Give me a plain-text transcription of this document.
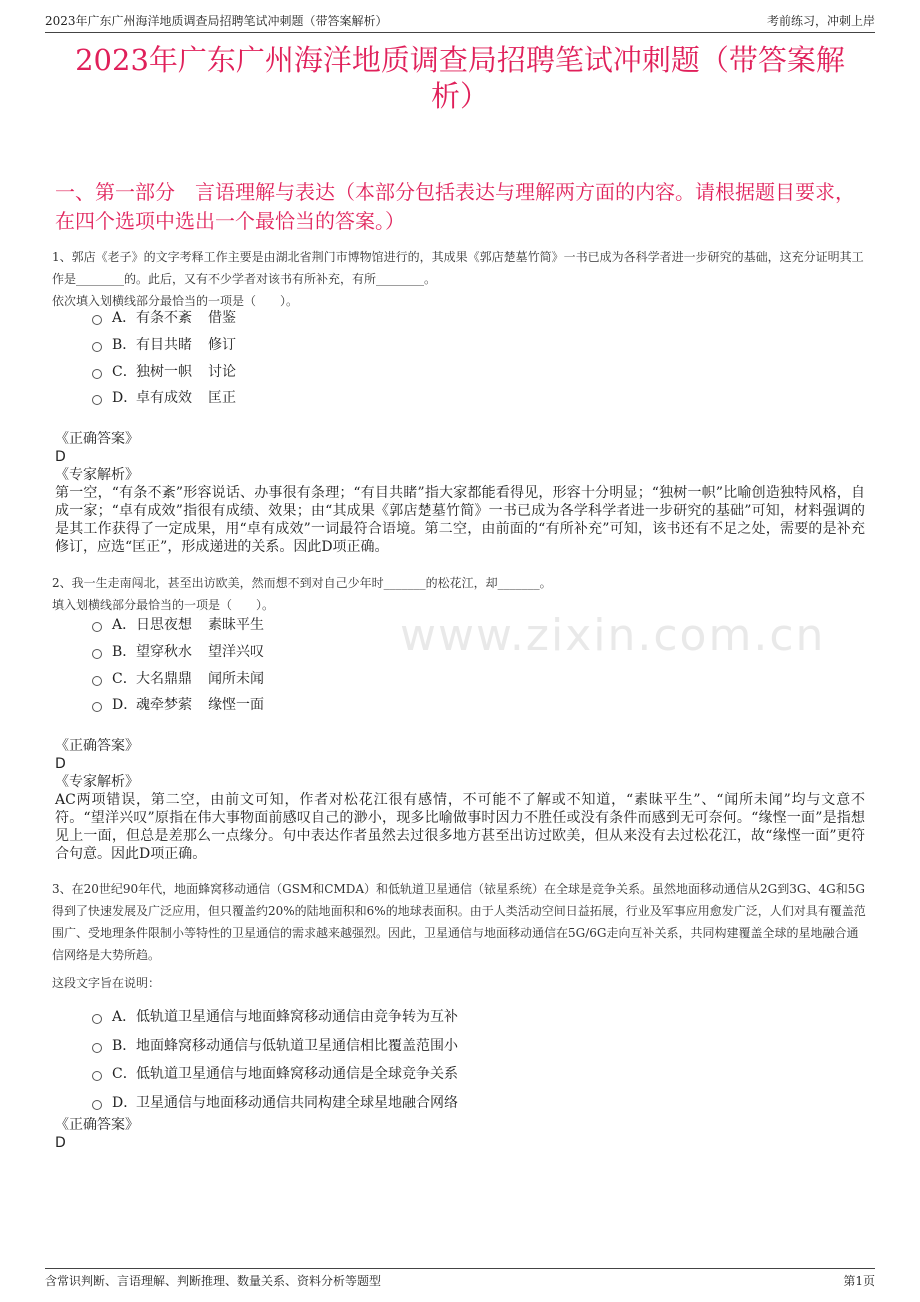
2023年广东广州海洋地质调查局招聘笔试冲刺题（带答案解析）	考前练习，冲刺上岸
www.zixin.com.cn
2023年广东广州海洋地质调查局招聘笔试冲刺题（带答案解析）
一、第一部分　言语理解与表达（本部分包括表达与理解两方面的内容。请根据题目要求，在四个选项中选出一个最恰当的答案。）
1、郭店《老子》的文字考释工作主要是由湖北省荆门市博物馆进行的，其成果《郭店楚墓竹简》一书已成为各科学者进一步研究的基础，这充分证明其工作是________的。此后，又有不少学者对该书有所补充，有所________。
依次填入划横线部分最恰当的一项是（　　）。
A． 有条不紊 借鉴
B． 有目共睹 修订
C． 独树一帜 讨论
D．
卓有成效 匡正
《正确答案》
D
《专家解析》
第一空，“有条不紊”形容说话、办事很有条理；“有目共睹”指大家都能看得见，形容十分明显；“独树一帜”比喻创造独特风格，自成一家；“卓有成效”指很有成绩、效果；由“其成果《郭店楚墓竹简》一书已成为各学科学者进一步研究的基础”可知，材料强调的是其工作获得了一定成果，用“卓有成效”一词最符合语境。第二空，由前面的“有所补充”可知，该书还有不足之处，需要的是补充修订，应选“匡正”，形成递进的关系。因此D项正确。
2、我一生走南闯北，甚至出访欧美，然而想不到对自己少年时_______的松花江，却_______。
填入划横线部分最恰当的一项是（　　）。
A． 日思夜想 素昧平生
B． 望穿秋水 望洋兴叹
C． 大名鼎鼎 闻所未闻
D．
魂牵梦萦 缘悭一面
《正确答案》
D
《专家解析》
AC两项错误，第二空，由前文可知，作者对松花江很有感情，不可能不了解或不知道，“素昧平生”、“闻所未闻”均与文意不符。“望洋兴叹”原指在伟大事物面前感叹自己的渺小，现多比喻做事时因力不胜任或没有条件而感到无可奈何。“缘悭一面”是指想见上一面，但总是差那么一点缘分。句中表达作者虽然去过很多地方甚至出访过欧美，但从来没有去过松花江，故“缘悭一面”更符合句意。因此D项正确。
3、在20世纪90年代，地面蜂窝移动通信（GSM和CMDA）和低轨道卫星通信（铱星系统）在全球是竞争关系。虽然地面移动通信从2G到3G、4G和5G得到了快速发展及广泛应用，但只覆盖约20%的陆地面积和6%的地球表面积。由于人类活动空间日益拓展，行业及军事应用愈发广泛，人们对具有覆盖范围广、受地理条件限制小等特性的卫星通信的需求越来越强烈。因此，卫星通信与地面移动通信在5G/6G走向互补关系，共同构建覆盖全球的星地融合通信网络是大势所趋。
这段文字旨在说明：
A． 低轨道卫星通信与地面蜂窝移动通信由竞争转为互补
B． 地面蜂窝移动通信与低轨道卫星通信相比覆盖范围小
C． 低轨道卫星通信与地面蜂窝移动通信是全球竞争关系
D．
卫星通信与地面移动通信共同构建全球星地融合网络
《正确答案》
D
含常识判断、言语理解、判断推理、数量关系、资料分析等题型	第1页
